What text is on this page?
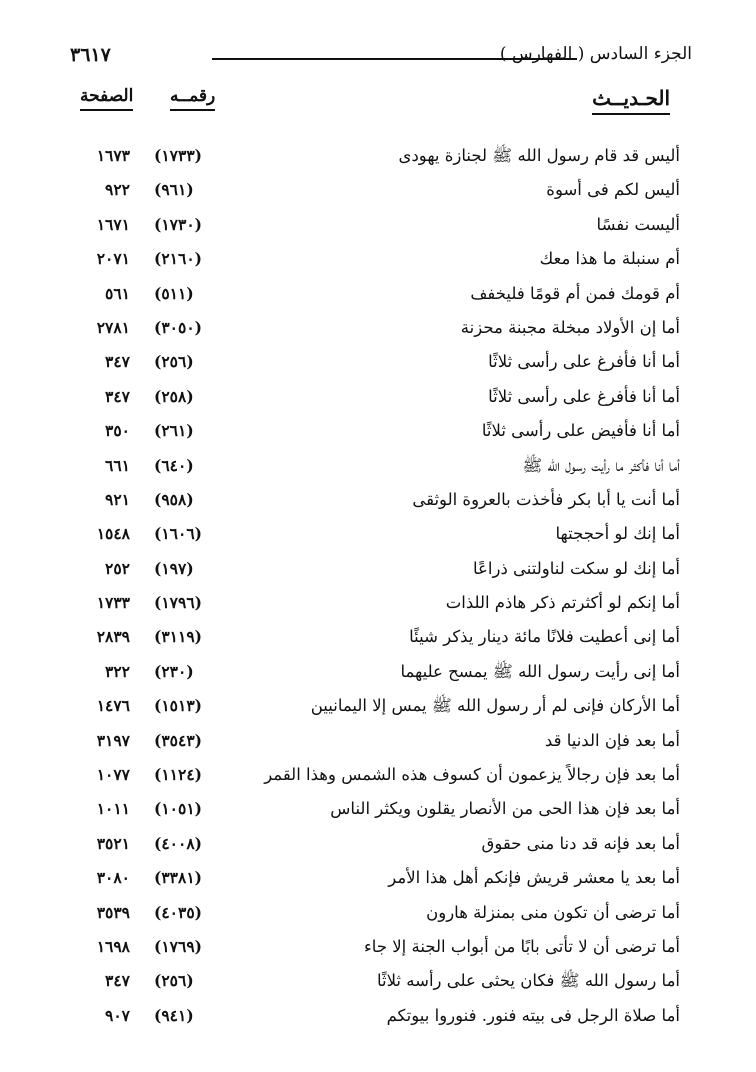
٣٦١٧	الجزء السادس ( الفهارس )
الحـديــث
رقمــه
الصفحة
أليس قد قام رسول الله ﷺ لجنازة يهودى
(١٧٣٣)
١٦٧٣
أليس لكم فى أسوة
(٩٦١)
٩٢٢
أليست نفسًا
(١٧٣٠)
١٦٧١
أم سنبلة ما هذا معك
(٢١٦٠)
٢٠٧١
أم قومك فمن أم قومًا فليخفف
(٥١١)
٥٦١
أما إن الأولاد مبخلة مجبنة محزنة
(٣٠٥٠)
٢٧٨١
أما أنا فأفرغ على رأسى ثلاثًا
(٢٥٦)
٣٤٧
أما أنا فأفرغ على رأسى ثلاثًا
(٢٥٨)
٣٤٧
أما أنا فأفيض على رأسى ثلاثًا
(٢٦١)
٣٥٠
أما أنا فأكثر ما رأيت رسول الله ﷺ
(٦٤٠)
٦٦١
أما أنت يا أبا بكر فأخذت بالعروة الوثقى
(٩٥٨)
٩٢١
أما إنك لو أحججتها
(١٦٠٦)
١٥٤٨
أما إنك لو سكت لناولتنى ذراعًا
(١٩٧)
٢٥٢
أما إنكم لو أكثرتم ذكر هاذم اللذات
(١٧٩٦)
١٧٣٣
أما إنى أعطيت فلانًا مائة دينار يذكر شيئًا
(٣١١٩)
٢٨٣٩
أما إنى رأيت رسول الله ﷺ يمسح عليهما
(٢٣٠)
٣٢٢
أما الأركان فإنى لم أر رسول الله ﷺ يمس إلا اليمانيين
(١٥١٣)
١٤٧٦
أما بعد فإن الدنيا قد
(٣٥٤٣)
٣١٩٧
أما بعد فإن رجالاً يزعمون أن كسوف هذه الشمس وهذا القمر
(١١٢٤)
١٠٧٧
أما بعد فإن هذا الحى من الأنصار يقلون ويكثر الناس
(١٠٥١)
١٠١١
أما بعد فإنه قد دنا منى حقوق
(٤٠٠٨)
٣٥٢١
أما بعد يا معشر قريش فإنكم أهل هذا الأمر
(٣٣٨١)
٣٠٨٠
أما ترضى أن تكون منى بمنزلة هارون
(٤٠٣٥)
٣٥٣٩
أما ترضى أن لا تأتى بابًا من أبواب الجنة إلا جاء
(١٧٦٩)
١٦٩٨
أما رسول الله ﷺ فكان يحثى على رأسه ثلاثًا
(٢٥٦)
٣٤٧
أما صلاة الرجل فى بيته فنور. فنوروا بيوتكم
(٩٤١)
٩٠٧
